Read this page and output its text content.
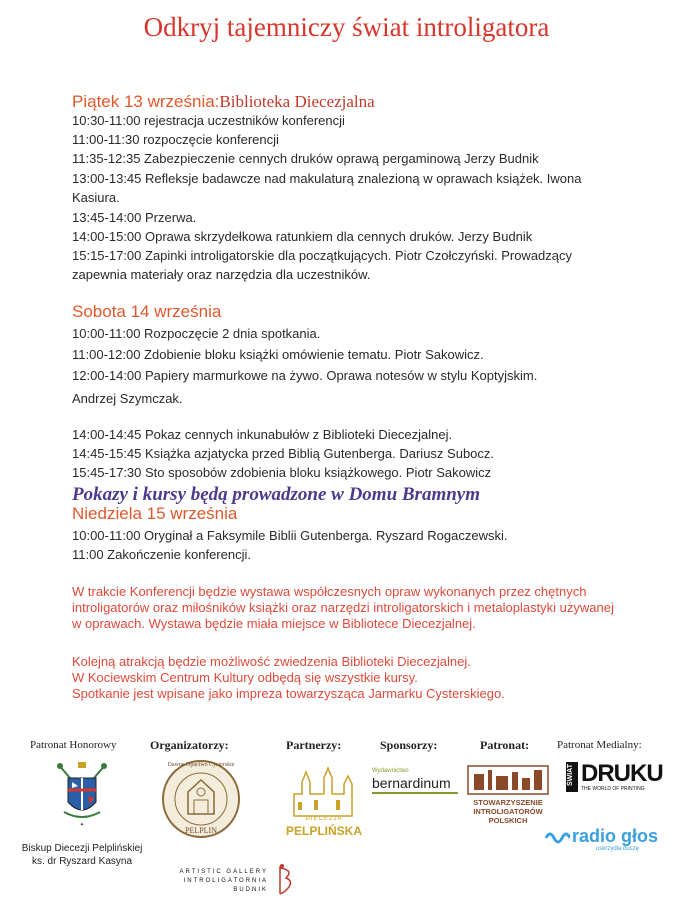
Odkryj tajemniczy świat introligatora
Piątek 13 września:Biblioteka Diecezjalna
10:30-11:00 rejestracja uczestników konferencji
11:00-11:30 rozpoczęcie konferencji
11:35-12:35 Zabezpieczenie cennych druków oprawą pergaminową Jerzy Budnik
13:00-13:45 Refleksje badawcze nad makulaturą znalezioną w oprawach książek. Iwona
Kasiura.
13:45-14:00 Przerwa.
14:00-15:00 Oprawa skrzydełkowa ratunkiem dla cennych druków. Jerzy Budnik
15:15-17:00 Zapinki introligatorskie dla początkujących. Piotr Czołczyński. Prowadzący
zapewnia materiały oraz narzędzia dla uczestników.
Sobota 14 września
10:00-11:00 Rozpoczęcie 2 dnia spotkania.
11:00-12:00 Zdobienie bloku książki omówienie tematu. Piotr Sakowicz.
12:00-14:00 Papiery marmurkowe na żywo. Oprawa notesów w stylu Koptyjskim.
Andrzej Szymczak.
14:00-14:45 Pokaz cennych inkunabułów z Biblioteki Diecezjalnej.
14:45-15:45 Książka azjatycka przed Biblią Gutenberga. Dariusz Subocz.
15:45-17:30 Sto sposobów zdobienia bloku książkowego. Piotr Sakowicz
Pokazy i kursy będą prowadzone w Domu Bramnym
Niedziela 15 września
10:00-11:00 Oryginał a Faksymile Biblii Gutenberga. Ryszard Rogaczewski.
11:00 Zakończenie konferencji.
W trakcie Konferencji będzie wystawa współczesnych opraw wykonanych przez chętnych
introligatorów oraz miłośników książki oraz narzędzi introligatorskich i metaloplastyki używanej
w oprawach. Wystawa będzie miała miejsce w Bibliotece Diecezjalnej.
Kolejną atrakcją będzie możliwość zwiedzenia Biblioteki Diecezjalnej.
W Kociewskim Centrum Kultury odbędą się wszystkie kursy.
Spotkanie jest wpisane jako impreza towarzysząca Jarmarku Cysterskiego.
Patronat Honorowy	Organizatorzy:	Partnerzy:	Sponsorzy:	Patronat:	Patronat Medialny:
✦
Biskup Diecezji Pelplińskiej
ks. dr Ryszard Kasyna
Dawne Opactwo Cysterskie
PELPLIN
DIECEZJA
PELPLIŃSKA
Wydawnictwo
bernardinum
STOWARZYSZENIE
INTROLIGATORÓW
POLSKICH
ŚWIAT DRUKU
THE WORLD OF PRINTING
radio głos
uskrzydla duszę
ARTISTIC GALLERY
INTROLIGATORNIA
BUDNIK
